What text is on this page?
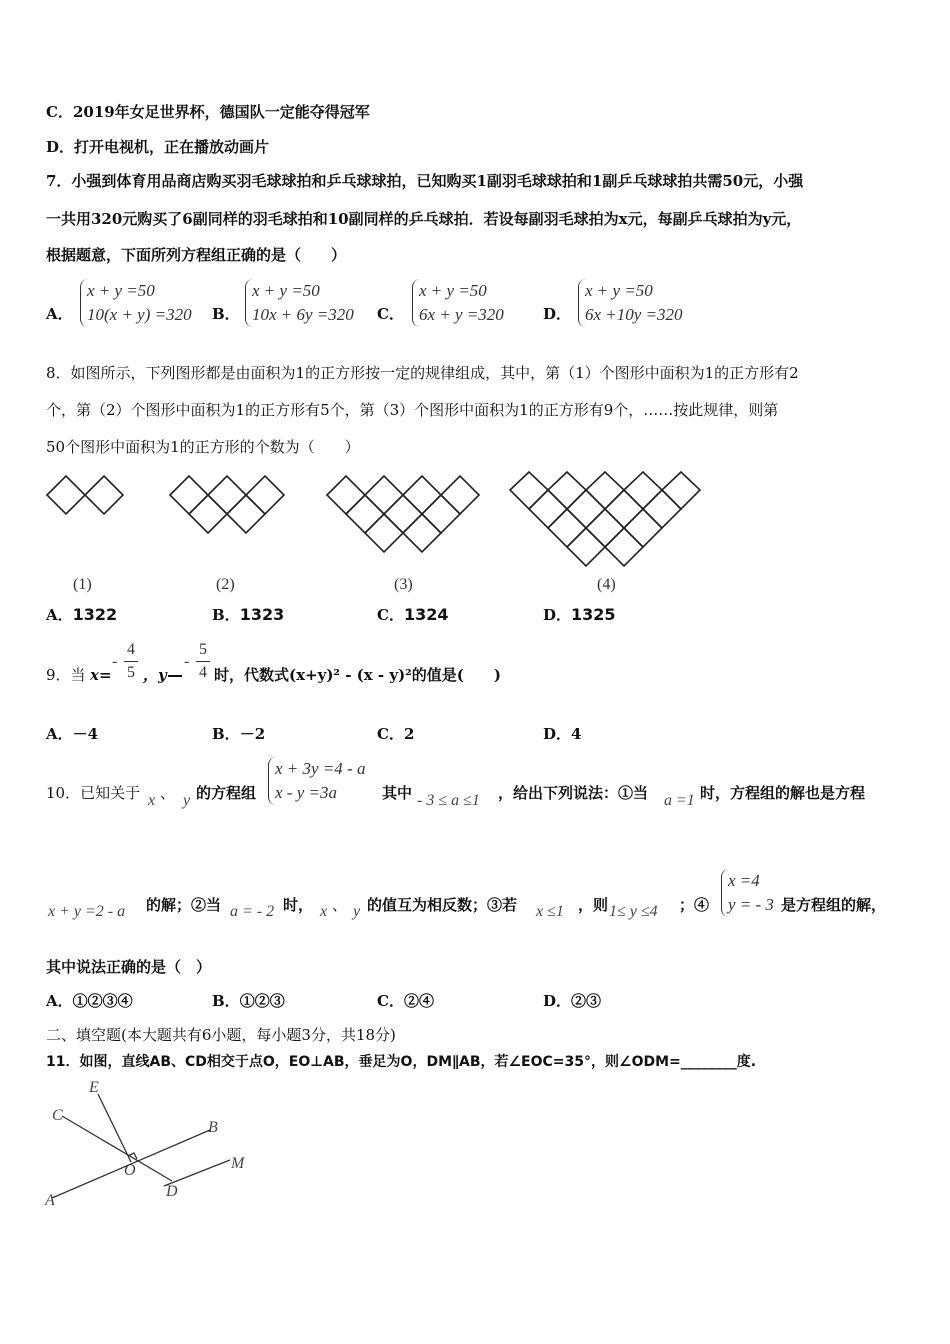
C．2019年女足世界杯，德国队一定能夺得冠军
D．打开电视机，正在播放动画片
7．小强到体育用品商店购买羽毛球球拍和乒乓球球拍，已知购买1副羽毛球球拍和1副乒乓球球拍共需50元，小强
一共用320元购买了6副同样的羽毛球拍和10副同样的乒乓球拍．若设每副羽毛球拍为x元，每副乒乓球拍为y元，
根据题意，下面所列方程组正确的是（　　）
A．
x + y =50
10(x + y) =320 B．
x + y =50
10x + 6y =320 C．
x + y =50
6x + y =320	D．
x + y =50
6x +10y =320
8．如图所示，下列图形都是由面积为1的正方形按一定的规律组成，其中，第（1）个图形中面积为1的正方形有2
个，第（2）个图形中面积为1的正方形有5个，第（3）个图形中面积为1的正方形有9个，……按此规律，则第
50个图形中面积为1的正方形的个数为（　　）
(1)	(2)	(3)	(4)
A．1322	B．1323	C．1324	D．1325
9．当 x=
-
4
5 ，y
-
5
4 时，代数式(x+y)² - (x - y)²的值是(　　)
A．－4	B．－2	C．2	D．4
10．已知关于 x 、 y 的方程组
x + 3y =4 - a
x - y =3a	其中 - 3 ≤ a ≤1 ，给出下列说法：①当 a =1 时，方程组的解也是方程
x + y =2 - a 的解；②当 a = - 2 时， x 、 y 的值互为相反数；③若 x ≤1 ，则 1≤ y ≤4 ；④
x =4
y = - 3 是方程组的解，
其中说法正确的是（　）
A．①②③④	B．①②③	C．②④	D．②③
二、填空题(本大题共有6小题，每小题3分，共18分)
11．如图，直线AB、CD相交于点O，EO⊥AB，垂足为O，DM∥AB，若∠EOC=35°，则∠ODM=________度.
E
C
B
O	M
A
D
